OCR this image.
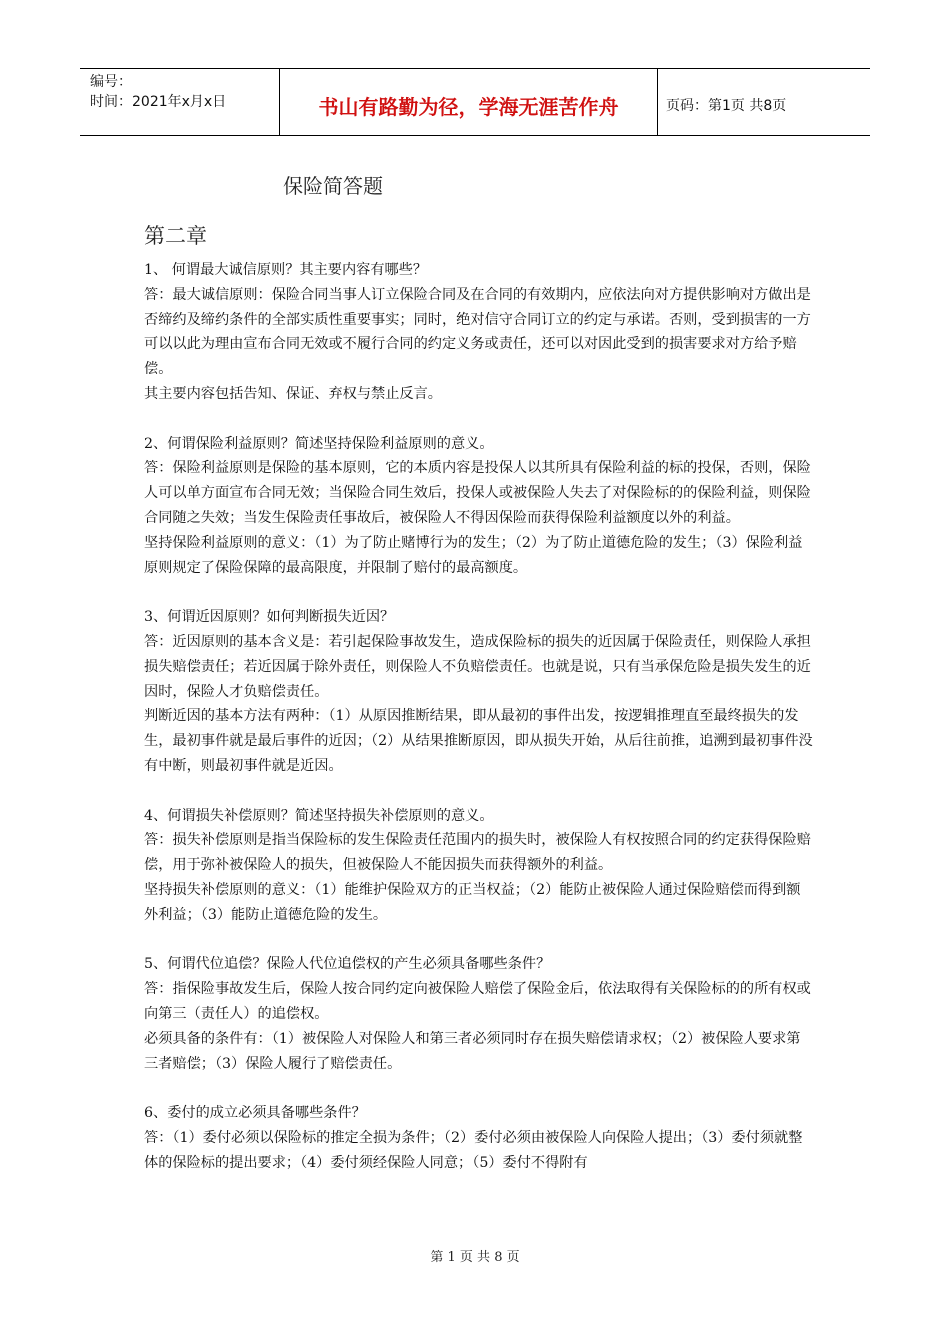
编号：
时间：2021年x月x日	书山有路勤为径，学海无涯苦作舟	页码：第1页 共8页
保险简答题
第二章

1、 何谓最大诚信原则？其主要内容有哪些？

答：最大诚信原则：保险合同当事人订立保险合同及在合同的有效期内，应依法向对方提供影响对方做出是否缔约及缔约条件的全部实质性重要事实；同时，绝对信守合同订立的约定与承诺。否则，受到损害的一方可以以此为理由宣布合同无效或不履行合同的约定义务或责任，还可以对因此受到的损害要求对方给予赔偿。

其主要内容包括告知、保证、弃权与禁止反言。

2、何谓保险利益原则？简述坚持保险利益原则的意义。

答：保险利益原则是保险的基本原则，它的本质内容是投保人以其所具有保险利益的标的投保，否则，保险人可以单方面宣布合同无效；当保险合同生效后，投保人或被保险人失去了对保险标的的保险利益，则保险合同随之失效；当发生保险责任事故后，被保险人不得因保险而获得保险利益额度以外的利益。

坚持保险利益原则的意义：（1）为了防止赌博行为的发生；（2）为了防止道德危险的发生；（3）保险利益原则规定了保险保障的最高限度，并限制了赔付的最高额度。

3、何谓近因原则？如何判断损失近因？

答：近因原则的基本含义是：若引起保险事故发生，造成保险标的损失的近因属于保险责任，则保险人承担损失赔偿责任；若近因属于除外责任，则保险人不负赔偿责任。也就是说，只有当承保危险是损失发生的近因时，保险人才负赔偿责任。

判断近因的基本方法有两种：（1）从原因推断结果，即从最初的事件出发，按逻辑推理直至最终损失的发生，最初事件就是最后事件的近因；（2）从结果推断原因，即从损失开始，从后往前推，追溯到最初事件没有中断，则最初事件就是近因。

4、何谓损失补偿原则？简述坚持损失补偿原则的意义。

答：损失补偿原则是指当保险标的发生保险责任范围内的损失时，被保险人有权按照合同的约定获得保险赔偿，用于弥补被保险人的损失，但被保险人不能因损失而获得额外的利益。

坚持损失补偿原则的意义：（1）能维护保险双方的正当权益；（2）能防止被保险人通过保险赔偿而得到额外利益；（3）能防止道德危险的发生。

5、何谓代位追偿？保险人代位追偿权的产生必须具备哪些条件？

答：指保险事故发生后，保险人按合同约定向被保险人赔偿了保险金后，依法取得有关保险标的的所有权或向第三（责任人）的追偿权。

必须具备的条件有：（1）被保险人对保险人和第三者必须同时存在损失赔偿请求权；（2）被保险人要求第三者赔偿；（3）保险人履行了赔偿责任。

6、委付的成立必须具备哪些条件？

答：（1）委付必须以保险标的推定全损为条件；（2）委付必须由被保险人向保险人提出；（3）委付须就整体的保险标的提出要求；（4）委付须经保险人同意；（5）委付不得附有

第 1 页 共 8 页
